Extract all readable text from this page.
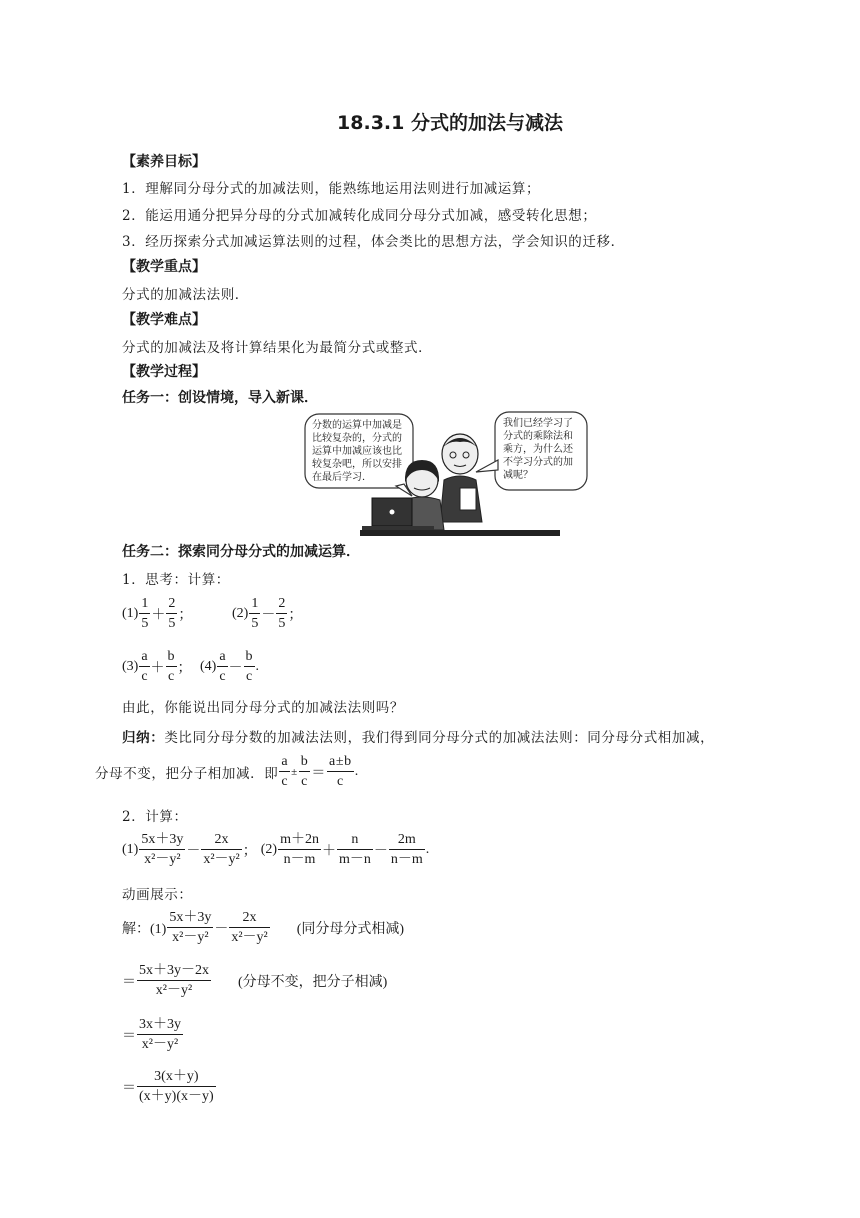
18.3.1 分式的加法与减法
【素养目标】
1．理解同分母分式的加减法则，能熟练地运用法则进行加减运算；
2．能运用通分把异分母的分式加减转化成同分母分式加减，感受转化思想；
3．经历探索分式加减运算法则的过程，体会类比的思想方法，学会知识的迁移．
【教学重点】
分式的加减法法则．
【教学难点】
分式的加减法及将计算结果化为最简分式或整式．
【教学过程】
任务一：创设情境，导入新课．
分数的运算中加减是
比较复杂的，分式的
运算中加减应该也比
较复杂吧，所以安排
在最后学习．
我们已经学习了
分式的乘除法和
乘方，为什么还
不学习分式的加
减呢？
任务二：探索同分母分式的加减运算．
1．思考：计算：
$(1) \frac{1}{5} + \frac{2}{5}$ ；	$(2) \frac{1}{5} - \frac{2}{5}$ ；
$(3) \frac{a}{c} + \frac{b}{c}$ ； $(4) \frac{a}{c} - \frac{b}{c}$ .
由此，你能说出同分母分式的加减法法则吗？
归纳：类比同分母分数的加减法法则，我们得到同分母分式的加减法法则：同分母分式相加减，
分母不变，把分子相加减．即 $\frac{a}{c} \pm \frac{b}{c} = \frac{a\pm b}{c}$ .
2．计算：
$(1) \frac{5x+3y}{\text{x²－y²}} - \frac{2x}{\text{x²－y²}}$ ； $(2) \frac{m+2n}{n-m} + \frac{n}{m-n} - \frac{2m}{n-m}$ .
动画展示：
解：$(1) \frac{5x+3y}{\text{x²－y²}} - \frac{2x}{\text{x²－y²}}$ (同分母分式相减)
＝ $\frac{5x+3y-2x}{\text{x²－y²}}$ (分母不变，把分子相减)
＝ $\frac{3x+3y}{\text{x²－y²}}$
＝ $\frac{3(x+y)}{(x+y)(x-y)}$
